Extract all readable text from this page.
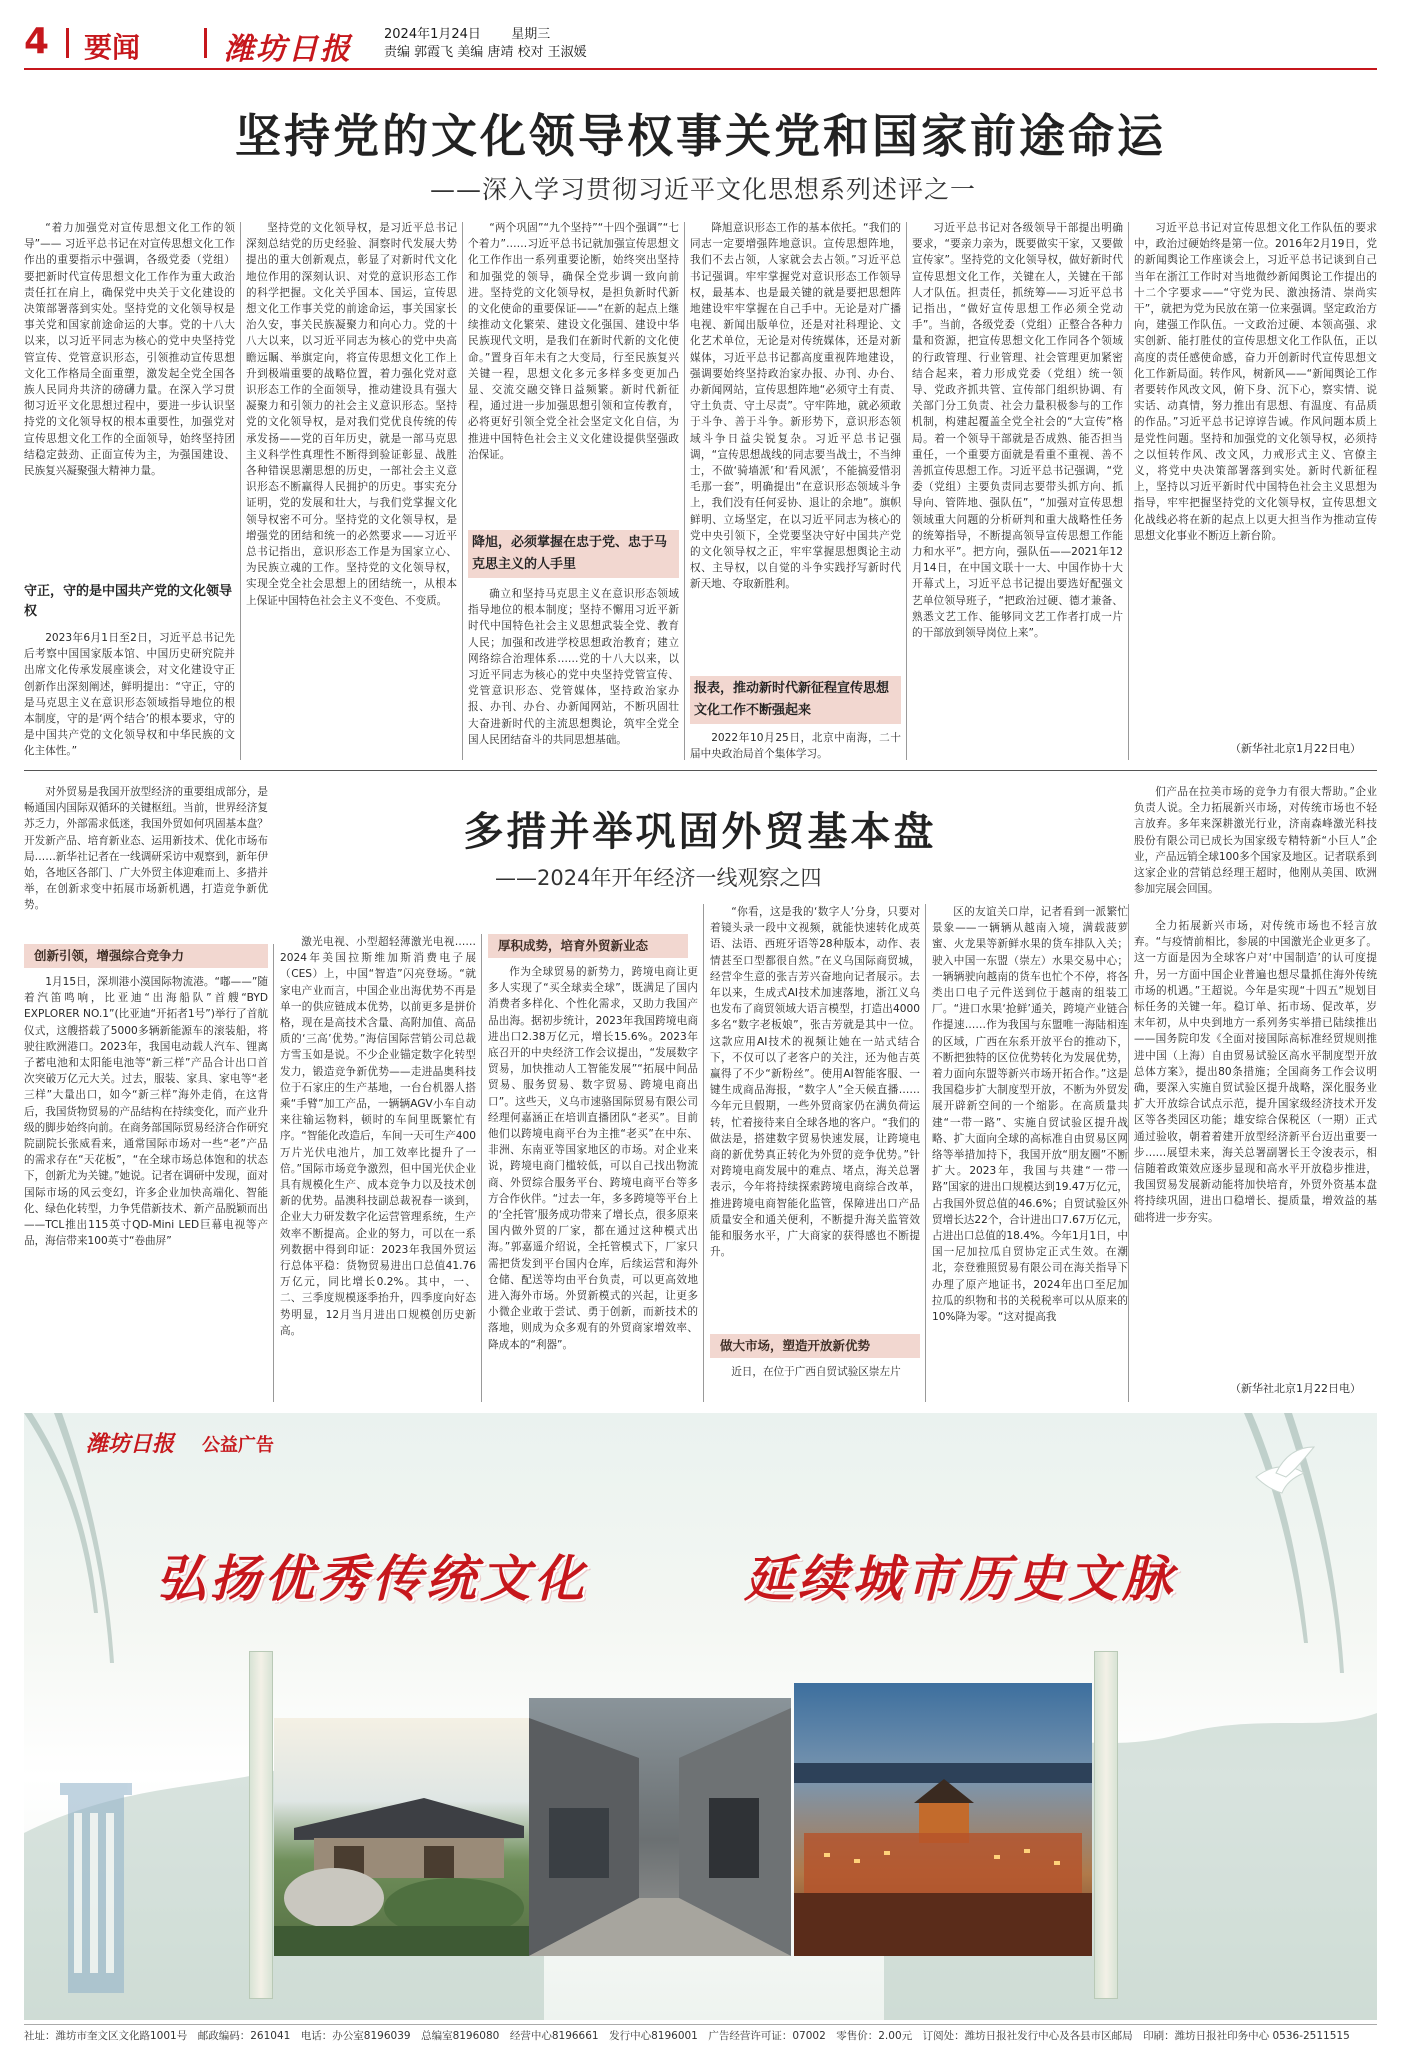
4 要闻	潍坊日报 2024年1月24日 星期三
责编 郭霞飞 美编 唐靖 校对 王淑媛
坚持党的文化领导权事关党和国家前途命运
——深入学习贯彻习近平文化思想系列述评之一

“着力加强党对宣传思想文化工作的领导”—— 习近平总书记在对宣传思想文化工作作出的重要指示中强调，各级党委（党组）要把新时代宣传思想文化工作作为重大政治责任扛在肩上，确保党中央关于文化建设的决策部署落到实处。坚持党的文化领导权是事关党和国家前途命运的大事。党的十八大以来，以习近平同志为核心的党中央坚持党管宣传、党管意识形态，引领推动宣传思想文化工作格局全面重塑，激发起全党全国各族人民同舟共济的磅礴力量。在深入学习贯彻习近平文化思想过程中，要进一步认识坚持党的文化领导权的根本重要性，加强党对宣传思想文化工作的全面领导，始终坚持团结稳定鼓劲、正面宣传为主，为强国建设、民族复兴凝聚强大精神力量。

守正，守的是中国共产党的文化领导权

2023年6月1日至2日，习近平总书记先后考察中国国家版本馆、中国历史研究院并出席文化传承发展座谈会，对文化建设守正创新作出深刻阐述，鲜明提出：“守正，守的是马克思主义在意识形态领域指导地位的根本制度，守的是‘两个结合’的根本要求，守的是中国共产党的文化领导权和中华民族的文化主体性。”

坚持党的文化领导权，是习近平总书记深刻总结党的历史经验、洞察时代发展大势提出的重大创新观点，彰显了对新时代文化地位作用的深刻认识、对党的意识形态工作的科学把握。文化关乎国本、国运，宣传思想文化工作事关党的前途命运，事关国家长治久安，事关民族凝聚力和向心力。党的十八大以来，以习近平同志为核心的党中央高瞻远瞩、举旗定向，将宣传思想文化工作上升到极端重要的战略位置，着力强化党对意识形态工作的全面领导，推动建设具有强大凝聚力和引领力的社会主义意识形态。坚持党的文化领导权，是对我们党优良传统的传承发扬——党的百年历史，就是一部马克思主义科学性真理性不断得到验证彰显、战胜各种错误思潮思想的历史，一部社会主义意识形态不断赢得人民拥护的历史。事实充分证明，党的发展和壮大，与我们党掌握文化领导权密不可分。坚持党的文化领导权，是增强党的团结和统一的必然要求——习近平总书记指出，意识形态工作是为国家立心、为民族立魂的工作。坚持党的文化领导权，实现全党全社会思想上的团结统一，从根本上保证中国特色社会主义不变色、不变质。

“两个巩固”“九个坚持”“十四个强调”“七个着力”……习近平总书记就加强宣传思想文化工作作出一系列重要论断，始终突出坚持和加强党的领导，确保全党步调一致向前进。坚持党的文化领导权，是担负新时代新的文化使命的重要保证——“在新的起点上继续推动文化繁荣、建设文化强国、建设中华民族现代文明，是我们在新时代新的文化使命。”置身百年未有之大变局，行至民族复兴关键一程，思想文化多元多样多变更加凸显、交流交融交锋日益频繁。新时代新征程，通过进一步加强思想引领和宣传教育，必将更好引领全党全社会坚定文化自信，为推进中国特色社会主义文化建设提供坚强政治保证。

降旭，必须掌握在忠于党、忠于马克思主义的人手里

确立和坚持马克思主义在意识形态领域指导地位的根本制度；坚持不懈用习近平新时代中国特色社会主义思想武装全党、教育人民；加强和改进学校思想政治教育；建立网络综合治理体系……党的十八大以来，以习近平同志为核心的党中央坚持党管宣传、党管意识形态、党管媒体，坚持政治家办报、办刊、办台、办新闻网站，不断巩固壮大奋进新时代的主流思想舆论，筑牢全党全国人民团结奋斗的共同思想基础。

降旭意识形态工作的基本依托。“我们的同志一定要增强阵地意识。宣传思想阵地，我们不去占领，人家就会去占领。”习近平总书记强调。牢牢掌握党对意识形态工作领导权，最基本、也是最关键的就是要把思想阵地建设牢牢掌握在自己手中。无论是对广播电视、新闻出版单位，还是对社科理论、文化艺术单位，无论是对传统媒体，还是对新媒体，习近平总书记都高度重视阵地建设，强调要始终坚持政治家办报、办刊、办台、办新闻网站，宣传思想阵地“必须守土有责、守土负责、守土尽责”。守牢阵地，就必须敢于斗争、善于斗争。新形势下，意识形态领域斗争日益尖锐复杂。习近平总书记强调，“宣传思想战线的同志要当战士，不当绅士，不做‘骑墙派’和‘看风派’，不能搞爱惜羽毛那一套”，明确提出“在意识形态领域斗争上，我们没有任何妥协、退让的余地”。旗帜鲜明、立场坚定，在以习近平同志为核心的党中央引领下，全党要坚决守好中国共产党的文化领导权之正，牢牢掌握思想舆论主动权、主导权，以自觉的斗争实践抒写新时代新天地、夺取新胜利。

报表，推动新时代新征程宣传思想文化工作不断强起来

2022年10月25日，北京中南海，二十届中央政治局首个集体学习。

习近平总书记对各级领导干部提出明确要求，“要亲力亲为，既要做实干家，又要做宣传家”。坚持党的文化领导权，做好新时代宣传思想文化工作，关键在人，关键在干部人才队伍。担责任，抓统筹——习近平总书记指出，“做好宣传思想工作必须全党动手”。当前，各级党委（党组）正整合各种力量和资源，把宣传思想文化工作同各个领域的行政管理、行业管理、社会管理更加紧密结合起来，着力形成党委（党组）统一领导、党政齐抓共管、宣传部门组织协调、有关部门分工负责、社会力量积极参与的工作机制，构建起覆盖全党全社会的“大宣传”格局。着一个领导干部就是否成熟、能否担当重任，一个重要方面就是看重不重视、善不善抓宣传思想工作。习近平总书记强调，“党委（党组）主要负责同志要带头抓方向、抓导向、管阵地、强队伍”，“加强对宣传思想领域重大问题的分析研判和重大战略性任务的统筹指导，不断提高领导宣传思想工作能力和水平”。把方向，强队伍——2021年12月14日，在中国文联十一大、中国作协十大开幕式上，习近平总书记提出要选好配强文艺单位领导班子，“把政治过硬、德才兼备、熟悉文艺工作、能够同文艺工作者打成一片的干部放到领导岗位上来”。

习近平总书记对宣传思想文化工作队伍的要求中，政治过硬始终是第一位。2016年2月19日，党的新闻舆论工作座谈会上，习近平总书记谈到自己当年在浙江工作时对当地微纱新闻舆论工作提出的十二个字要求——“守党为民、激浊扬清、崇尚实干”，就把为党为民放在第一位来强调。坚定政治方向，建强工作队伍。一文政治过硬、本领高强、求实创新、能打胜仗的宣传思想文化工作队伍，正以高度的责任感使命感，奋力开创新时代宣传思想文化工作新局面。转作风，树新风——“新闻舆论工作者要转作风改文风，俯下身、沉下心，察实情、说实话、动真情，努力推出有思想、有温度、有品质的作品。”习近平总书记谆谆告诫。作风问题本质上是党性问题。坚持和加强党的文化领导权，必须持之以恒转作风、改文风，力戒形式主义、官僚主义，将党中央决策部署落到实处。新时代新征程上，坚持以习近平新时代中国特色社会主义思想为指导，牢牢把握坚持党的文化领导权，宣传思想文化战线必将在新的起点上以更大担当作为推动宣传思想文化事业不断迈上新台阶。

（新华社北京1月22日电）
多措并举巩固外贸基本盘
——2024年开年经济一线观察之四

对外贸易是我国开放型经济的重要组成部分，是畅通国内国际双循环的关键枢纽。当前，世界经济复苏乏力，外部需求低迷，我国外贸如何巩固基本盘？开发新产品、培育新业态、运用新技术、优化市场布局……新华社记者在一线调研采访中观察到，新年伊始，各地区各部门、广大外贸主体迎难而上、多措并举，在创新求变中拓展市场新机遇，打造竞争新优势。

们产品在拉美市场的竞争力有很大帮助。”企业负责人说。全力拓展新兴市场，对传统市场也不轻言放弃。多年来深耕激光行业，济南森峰激光科技股份有限公司已成长为国家级专精特新“小巨人”企业，产品远销全球100多个国家及地区。记者联系到这家企业的营销总经理王超时，他刚从美国、欧洲参加完展会回国。

创新引领，增强综合竞争力

1月15日，深圳港小漠国际物流港。“嘟——”随着汽笛鸣响，比亚迪“出海船队”首艘“BYD EXPLORER NO.1”(比亚迪“开拓者1号”)举行了首航仪式，这艘搭载了5000多辆新能源车的滚装船，将驶往欧洲港口。2023年，我国电动载人汽车、锂离子蓄电池和太阳能电池等“新三样”产品合计出口首次突破万亿元大关。过去，服装、家具、家电等“老三样”大量出口，如今“新三样”海外走俏，在这背后，我国货物贸易的产品结构在持续变化，而产业升级的脚步始终向前。在商务部国际贸易经济合作研究院副院长张威看来，通常国际市场对一些“老”产品的需求存在“天花板”，“在全球市场总体饱和的状态下，创新尤为关键。”她说。记者在调研中发现，面对国际市场的风云变幻，许多企业加快高端化、智能化、绿色化转型，力争凭借新技术、新产品脱颖而出——TCL推出115英寸QD-Mini LED巨幕电视等产品，海信带来100英寸“卷曲屏”

激光电视、小型超轻薄激光电视……2024年美国拉斯维加斯消费电子展（CES）上，中国“智造”闪亮登场。“就家电产业而言，中国企业出海优势不再是单一的供应链成本优势，以前更多是拼价格，现在是高技术含量、高附加值、高品质的‘三高’优势。”海信国际营销公司总裁方雪玉如是说。不少企业锚定数字化转型发力，锻造竞争新优势——走进晶奥科技位于石家庄的生产基地，一台台机器人搭乘“手臂”加工产品，一辆辆AGV小车自动来往输运物料，顿时的车间里既繁忙有序。“智能化改造后，车间一天可生产400万片光伏电池片，加工效率比提升了一倍。”国际市场竞争激烈，但中国光伏企业具有规模化生产、成本竞争力以及技术创新的优势。晶澳科技副总裁祝春一谈到，企业大力研发数字化运营管理系统，生产效率不断提高。企业的努力，可以在一系列数据中得到印证：2023年我国外贸运行总体平稳：货物贸易进出口总值41.76万亿元，同比增长0.2%。其中，一、二、三季度规模逐季抬升，四季度向好态势明显，12月当月进出口规模创历史新高。

厚积成势，培育外贸新业态

作为全球贸易的新势力，跨境电商让更多人实现了“买全球卖全球”，既满足了国内消费者多样化、个性化需求，又助力我国产品出海。据初步统计，2023年我国跨境电商进出口2.38万亿元，增长15.6%。2023年底召开的中央经济工作会议提出，“发展数字贸易，加快推动人工智能发展”“拓展中间品贸易、服务贸易、数字贸易、跨境电商出口”。这些天，义乌市速骆国际贸易有限公司经理何嘉涵正在培训直播团队“老买”。目前他们以跨境电商平台为主推“老买”在中东、非洲、东南亚等国家地区的市场。对企业来说，跨境电商门槛较低，可以自己找出物流商、外贸综合服务平台、跨境电商平台等多方合作伙伴。“过去一年，多多跨境等平台上的‘全托管’服务成功带来了增长点，很多原来国内做外贸的厂家，都在通过这种模式出海。”郭嘉遥介绍说，全托管模式下，厂家只需把货发到平台国内仓库，后续运营和海外仓储、配送等均由平台负责，可以更高效地进入海外市场。外贸新模式的兴起，让更多小微企业敢于尝试、勇于创新，而新技术的落地，则成为众多观有的外贸商家增效率、降成本的“利器”。

“你看，这是我的‘数字人’分身，只要对着镜头录一段中文视频，就能快速转化成英语、法语、西班牙语等28种版本，动作、表情甚至口型都很自然。”在义乌国际商贸城，经营伞生意的张吉芳兴奋地向记者展示。去年以来，生成式AI技术加速落地，浙江义乌也发布了商贸领域大语言模型，打造出4000多名“数字老板娘”，张吉芳就是其中一位。这款应用AI技术的视频让她在一站式结合下，不仅可以了老客户的关注，还为他吉英赢得了不少“新粉丝”。使用AI智能客服、一键生成商品海报，“数字人”全天候直播……今年元旦假期，一些外贸商家仍在满负荷运转，忙着接待来自全球各地的客户。“我们的做法是，搭建数字贸易快速发展，让跨境电商的新优势真正转化为外贸的竞争优势。”针对跨境电商发展中的难点、堵点，海关总署表示，今年将持续探索跨境电商综合改革，推进跨境电商智能化监管，保障进出口产品质量安全和通关便利，不断提升海关监管效能和服务水平，广大商家的获得感也不断提升。

做大市场，塑造开放新优势

近日，在位于广西自贸试验区崇左片

区的友谊关口岸，记者看到一派繁忙景象——一辆辆从越南入境，满载菠萝蜜、火龙果等新鲜水果的货车排队入关；驶入中国一东盟（崇左）水果交易中心；一辆辆驶向越南的货车也忙个不停，将各类出口电子元件送到位于越南的组装工厂。“进口水果‘抢鲜’通关，跨境产业链合作提速……作为我国与东盟唯一海陆相连的区域，广西在东系开放平台的推动下，不断把独特的区位优势转化为发展优势，着力面向东盟等新兴市场开拓合作。”这是我国稳步扩大制度型开放，不断为外贸发展开辟新空间的一个缩影。在高质量共建“一带一路”、实施自贸试验区提升战略、扩大面向全球的高标准自由贸易区网络等举措加持下，我国开放“朋友圈”不断扩大。2023年，我国与共建“一带一路”国家的进出口规模达到19.47万亿元，占我国外贸总值的46.6%；自贸试验区外贸增长达22个，合计进出口7.67万亿元，占进出口总值的18.4%。今年1月1日，中国一尼加拉瓜自贸协定正式生效。在潮北，奈登雅照贸易有限公司在海关指导下办理了原产地证书，2024年出口至尼加拉瓜的织物和书的关税税率可以从原来的10%降为零。“这对提高我

全力拓展新兴市场，对传统市场也不轻言放弃。“与疫情前相比，参展的中国激光企业更多了。这一方面是因为全球客户对‘中国制造’的认可度提升，另一方面中国企业普遍也想尽量抓住海外传统市场的机遇。”王超说。今年是实现“十四五”规划目标任务的关键一年。稳订单、拓市场、促改革，岁末年初，从中央到地方一系列务实举措已陆续推出——国务院印发《全面对接国际高标准经贸规则推进中国（上海）自由贸易试验区高水平制度型开放总体方案》，提出80条措施；全国商务工作会议明确，要深入实施自贸试验区提升战略，深化服务业扩大开放综合试点示范，提升国家级经济技术开发区等各类园区功能；雄安综合保税区（一期）正式通过验收，朝着着建开放型经济新平台迈出重要一步……展望未来，海关总署副署长王令浚表示，相信随着政策效应逐步显现和高水平开放稳步推进，我国贸易发展新动能将加快培育，外贸外资基本盘将持续巩固，进出口稳增长、提质量，增效益的基础将进一步夯实。

（新华社北京1月22日电）
潍坊日报 公益广告
弘扬优秀传统文化	延续城市历史文脉
社址：潍坊市奎文区文化路1001号　邮政编码：261041　电话：办公室8196039　总编室8196080　经营中心8196661　发行中心8196001　广告经营许可证：07002　零售价：2.00元　订阅处：潍坊日报社发行中心及各县市区邮局　印刷：潍坊日报社印务中心 0536-2511515
